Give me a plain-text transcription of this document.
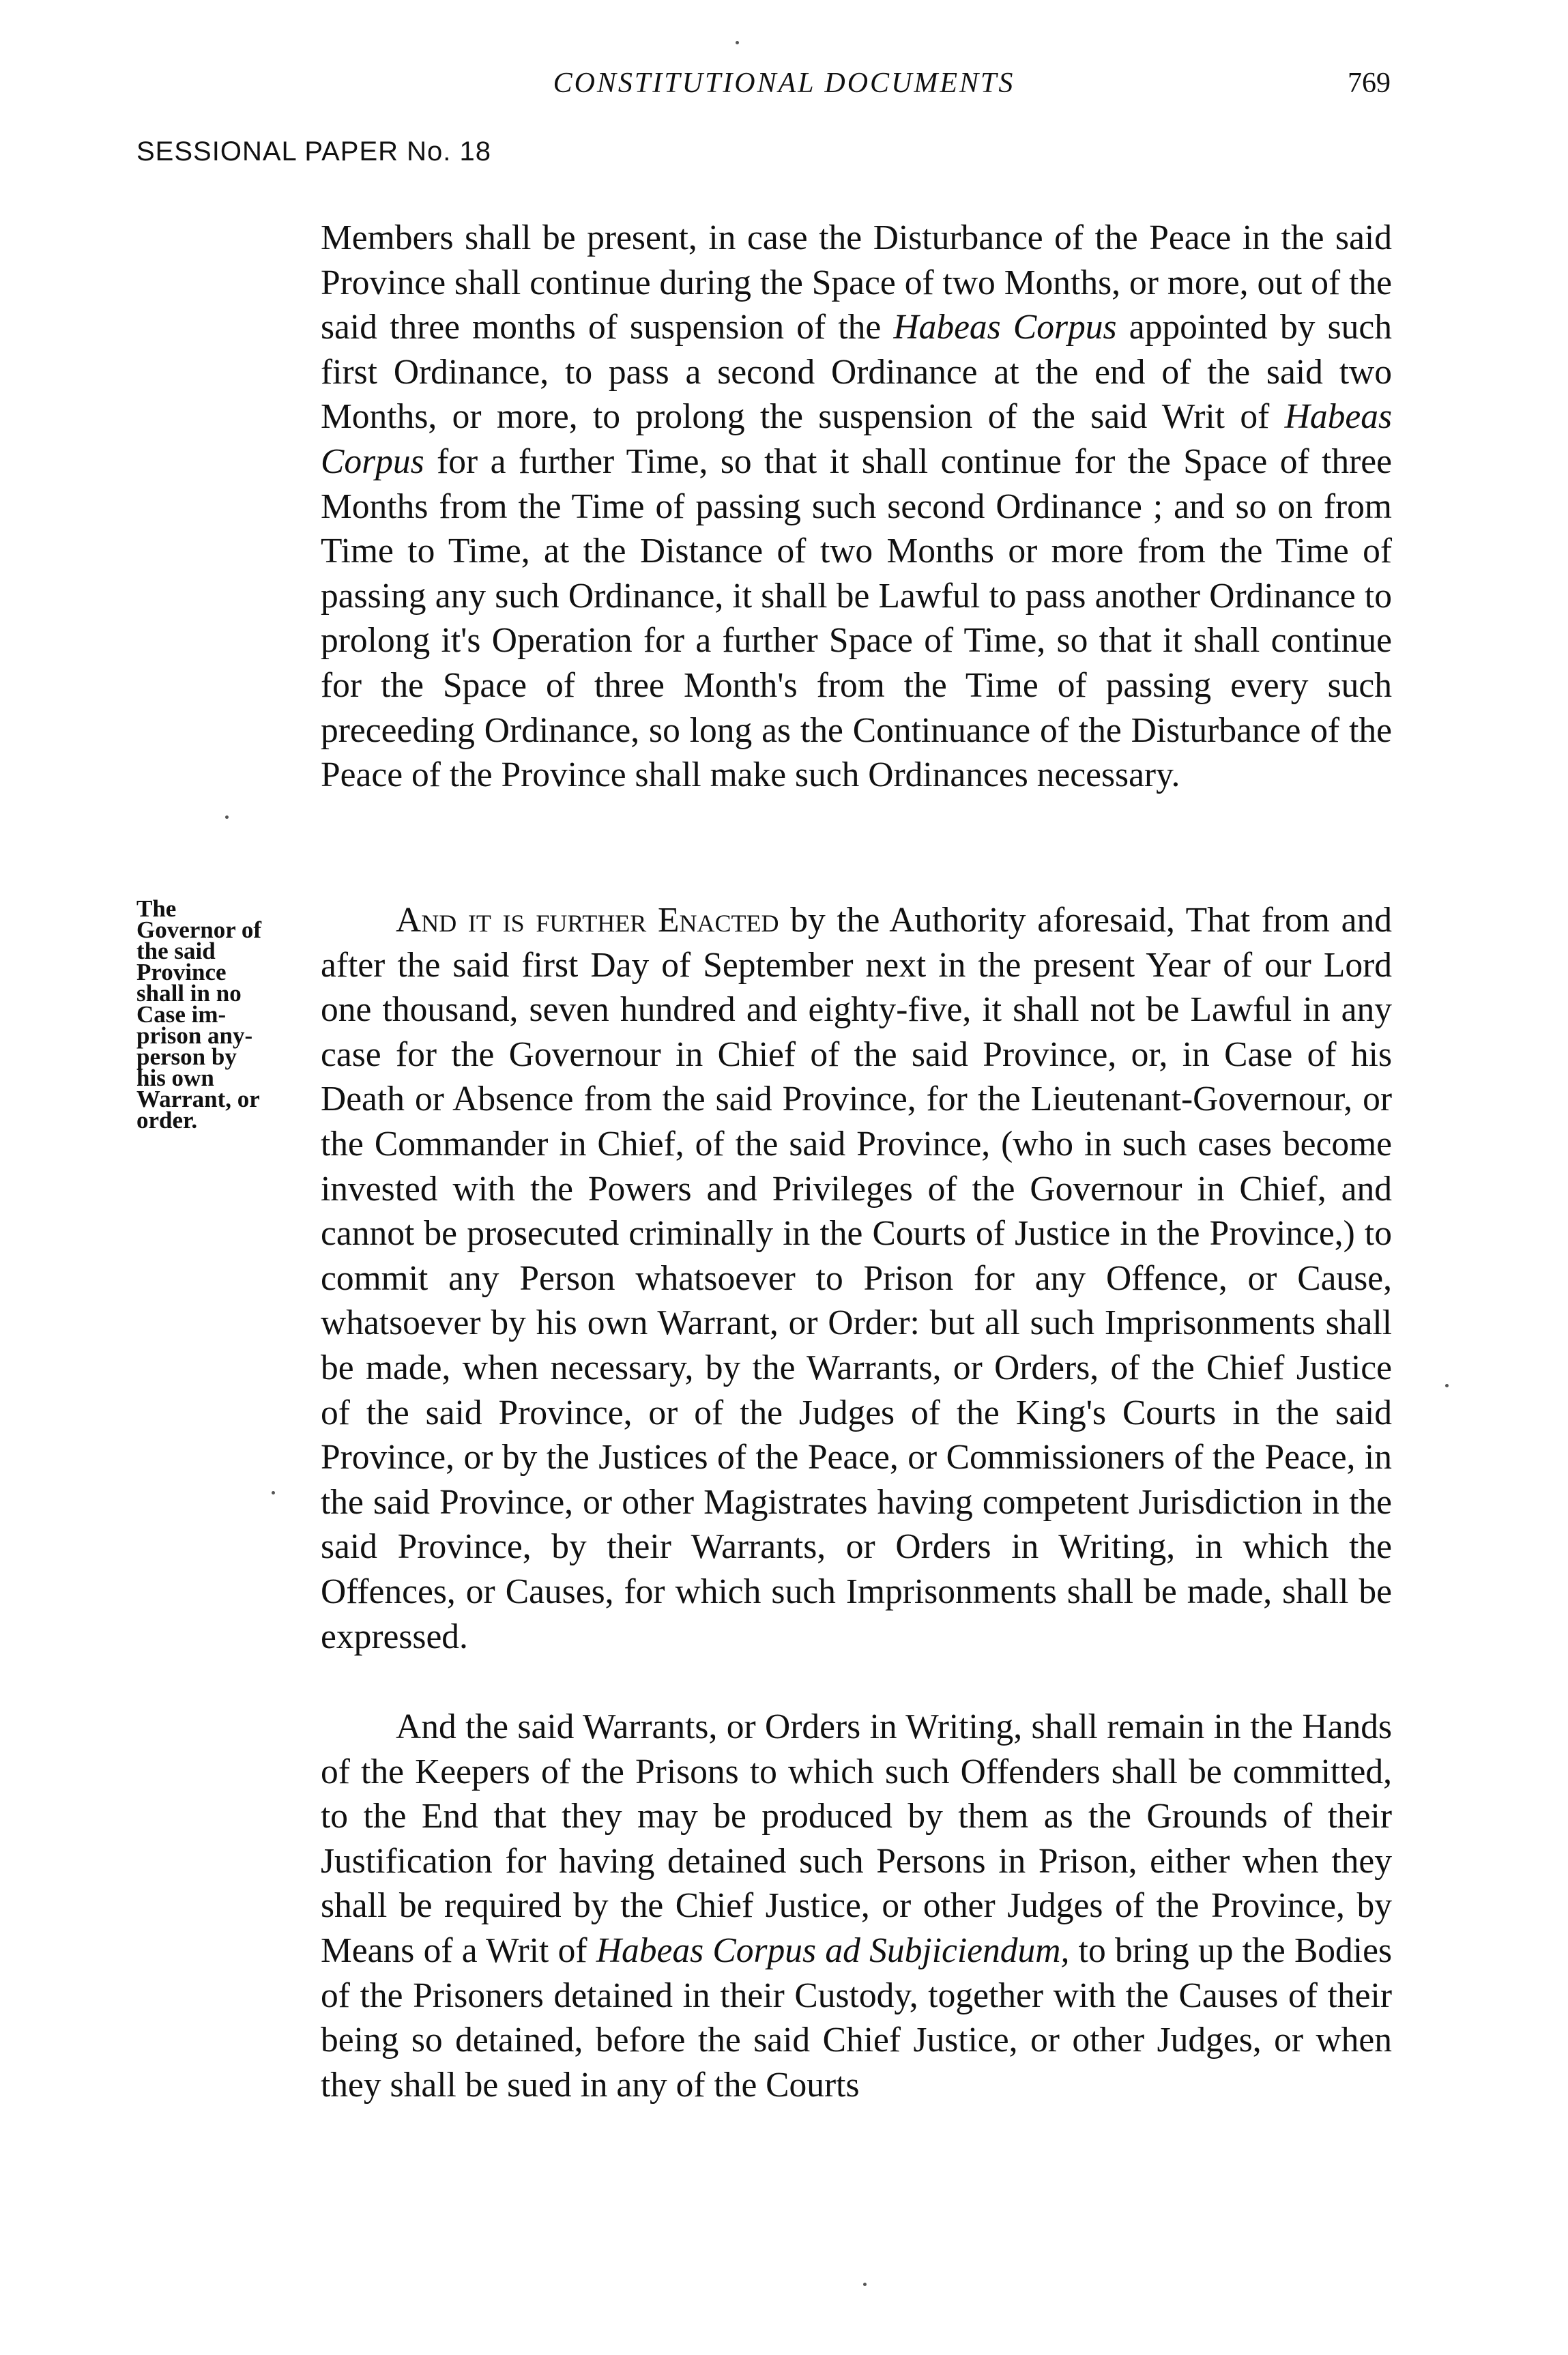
CONSTITUTIONAL DOCUMENTS	769
SESSIONAL PAPER No. 18

Members shall be present, in case the Disturbance of the Peace in the said Province shall continue during the Space of two Months, or more, out of the said three months of suspension of the Habeas Corpus appointed by such first Ordinance, to pass a second Ordinance at the end of the said two Months, or more, to prolong the suspension of the said Writ of Habeas Corpus for a further Time, so that it shall continue for the Space of three Months from the Time of passing such second Ordinance ; and so on from Time to Time, at the Distance of two Months or more from the Time of passing any such Ordinance, it shall be Lawful to pass another Ordinance to prolong it's Operation for a further Space of Time, so that it shall continue for the Space of three Month's from the Time of passing every such preceeding Ordinance, so long as the Continuance of the Disturbance of the Peace of the Province shall make such Ordinances necessary.

The
Governor of
the said
Province
shall in no
Case im-
prison any-
person by
his own
Warrant, or
order.

And it is further Enacted by the Authority aforesaid, That from and after the said first Day of September next in the present Year of our Lord one thousand, seven hundred and eighty-five, it shall not be Lawful in any case for the Governour in Chief of the said Province, or, in Case of his Death or Absence from the said Province, for the Lieutenant-Governour, or the Commander in Chief, of the said Province, (who in such cases become invested with the Powers and Privileges of the Governour in Chief, and cannot be prosecuted criminally in the Courts of Justice in the Province,) to commit any Person whatsoever to Prison for any Offence, or Cause, whatsoever by his own Warrant, or Order: but all such Imprisonments shall be made, when necessary, by the Warrants, or Orders, of the Chief Justice of the said Province, or of the Judges of the King's Courts in the said Province, or by the Justices of the Peace, or Commissioners of the Peace, in the said Province, or other Magistrates having competent Jurisdiction in the said Province, by their Warrants, or Orders in Writing, in which the Offences, or Causes, for which such Imprisonments shall be made, shall be expressed.

And the said Warrants, or Orders in Writing, shall remain in the Hands of the Keepers of the Prisons to which such Offenders shall be committed, to the End that they may be produced by them as the Grounds of their Justification for having detained such Persons in Prison, either when they shall be required by the Chief Justice, or other Judges of the Province, by Means of a Writ of Habeas Corpus ad Subjiciendum, to bring up the Bodies of the Prisoners detained in their Custody, together with the Causes of their being so detained, before the said Chief Justice, or other Judges, or when they shall be sued in any of the Courts
